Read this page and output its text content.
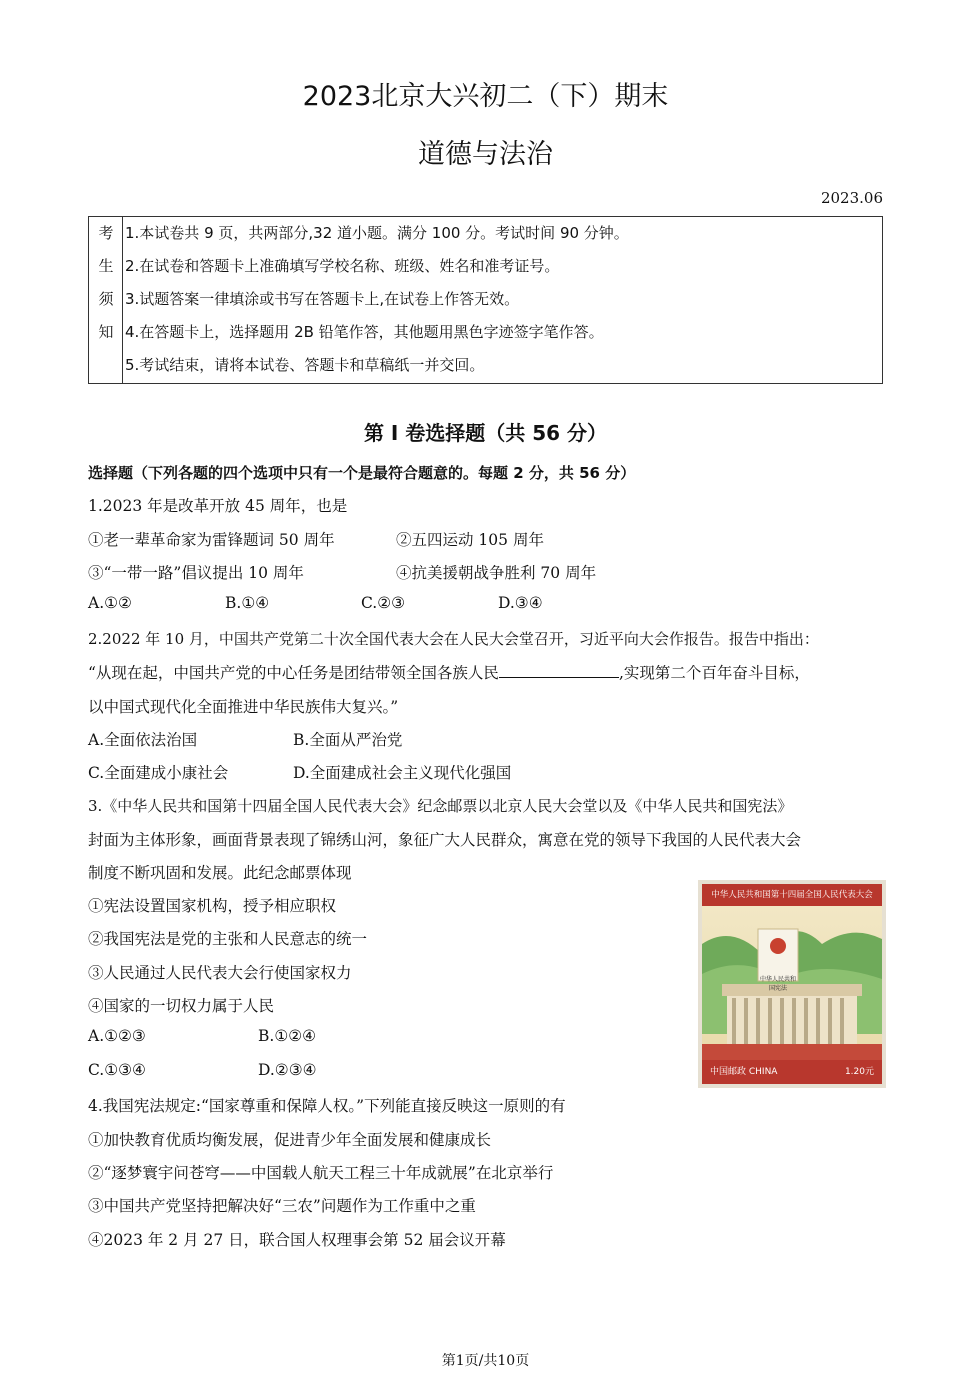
2023北京大兴初二（下）期末
道德与法治
2023.06
考
生
须
知
1.本试卷共 9 页，共两部分,32 道小题。满分 100 分。考试时间 90 分钟。
2.在试卷和答题卡上准确填写学校名称、班级、姓名和准考证号。
3.试题答案一律填涂或书写在答题卡上,在试卷上作答无效。
4.在答题卡上，选择题用 2B 铅笔作答，其他题用黑色字迹签字笔作答。
5.考试结束，请将本试卷、答题卡和草稿纸一并交回。
第 I 卷选择题（共 56 分）
选择题（下列各题的四个选项中只有一个是最符合题意的。每题 2 分，共 56 分）
1.2023 年是改革开放 45 周年，也是
①老一辈革命家为雷锋题词 50 周年	②五四运动 105 周年
③“一带一路”倡议提出 10 周年	④抗美援朝战争胜利 70 周年
A.①②	B.①④	C.②③	D.③④
2.2022 年 10 月，中国共产党第二十次全国代表大会在人民大会堂召开，习近平向大会作报告。报告中指出：
“从现在起，中国共产党的中心任务是团结带领全国各族人民	,实现第二个百年奋斗目标，
以中国式现代化全面推进中华民族伟大复兴。”
A.全面依法治国	B.全面从严治党
C.全面建成小康社会	D.全面建成社会主义现代化强国
3.《中华人民共和国第十四届全国人民代表大会》纪念邮票以北京人民大会堂以及《中华人民共和国宪法》
封面为主体形象，画面背景表现了锦绣山河，象征广大人民群众，寓意在党的领导下我国的人民代表大会
制度不断巩固和发展。此纪念邮票体现
①宪法设置国家机构，授予相应职权
②我国宪法是党的主张和人民意志的统一
③人民通过人民代表大会行使国家权力
④国家的一切权力属于人民
A.①②③	B.①②④
C.①③④	D.②③④
中华人民共和国第十四届全国人民代表大会
中华人民共和国宪法
中国邮政 CHINA	1.20元
4.我国宪法规定:“国家尊重和保障人权。”下列能直接反映这一原则的有
①加快教育优质均衡发展，促进青少年全面发展和健康成长
②“逐梦寰宇问苍穹——中国载人航天工程三十年成就展”在北京举行
③中国共产党坚持把解决好“三农”问题作为工作重中之重
④2023 年 2 月 27 日，联合国人权理事会第 52 届会议开幕
第1页/共10页
